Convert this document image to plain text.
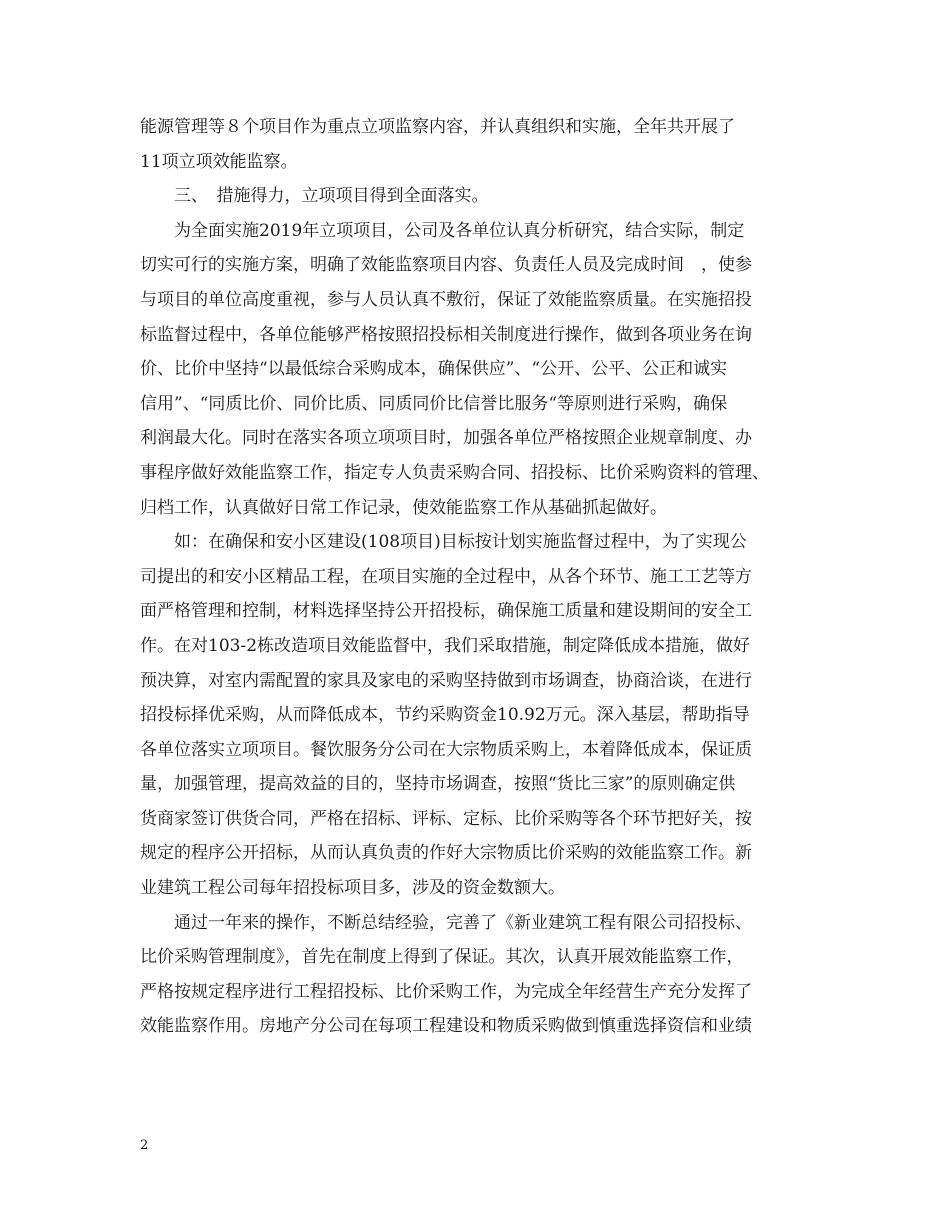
能源管理等８个项目作为重点立项监察内容，并认真组织和实施，全年共开展了
11项立项效能监察。
三、　措施得力，立项项目得到全面落实。
为全面实施2019年立项项目，公司及各单位认真分析研究，结合实际，制定
切实可行的实施方案，明确了效能监察项目内容、负责任人员及完成时间　，使参
与项目的单位高度重视，参与人员认真不敷衍，保证了效能监察质量。在实施招投
标监督过程中，各单位能够严格按照招投标相关制度进行操作，做到各项业务在询
价、比价中坚持“以最低综合采购成本，确保供应”、“公开、公平、公正和诚实
信用”、“同质比价、同价比质、同质同价比信誉比服务“等原则进行采购，确保
利润最大化。同时在落实各项立项项目时，加强各单位严格按照企业规章制度、办
事程序做好效能监察工作，指定专人负责采购合同、招投标、比价采购资料的管理、
归档工作，认真做好日常工作记录，使效能监察工作从基础抓起做好。
如：在确保和安小区建设(108项目)目标按计划实施监督过程中，为了实现公
司提出的和安小区精品工程，在项目实施的全过程中，从各个环节、施工工艺等方
面严格管理和控制，材料选择坚持公开招投标，确保施工质量和建设期间的安全工
作。在对103-2栋改造项目效能监督中，我们采取措施，制定降低成本措施，做好
预决算，对室内需配置的家具及家电的采购坚持做到市场调查，协商洽谈，在进行
招投标择优采购，从而降低成本，节约采购资金10.92万元。深入基层，帮助指导
各单位落实立项项目。餐饮服务分公司在大宗物质采购上，本着降低成本，保证质
量，加强管理，提高效益的目的，坚持市场调查，按照“货比三家”的原则确定供
货商家签订供货合同，严格在招标、评标、定标、比价采购等各个环节把好关，按
规定的程序公开招标，从而认真负责的作好大宗物质比价采购的效能监察工作。新
业建筑工程公司每年招投标项目多，涉及的资金数额大。
通过一年来的操作，不断总结经验，完善了《新业建筑工程有限公司招投标、
比价采购管理制度》，首先在制度上得到了保证。其次，认真开展效能监察工作，
严格按规定程序进行工程招投标、比价采购工作，为完成全年经营生产充分发挥了
效能监察作用。房地产分公司在每项工程建设和物质采购做到慎重选择资信和业绩
2
